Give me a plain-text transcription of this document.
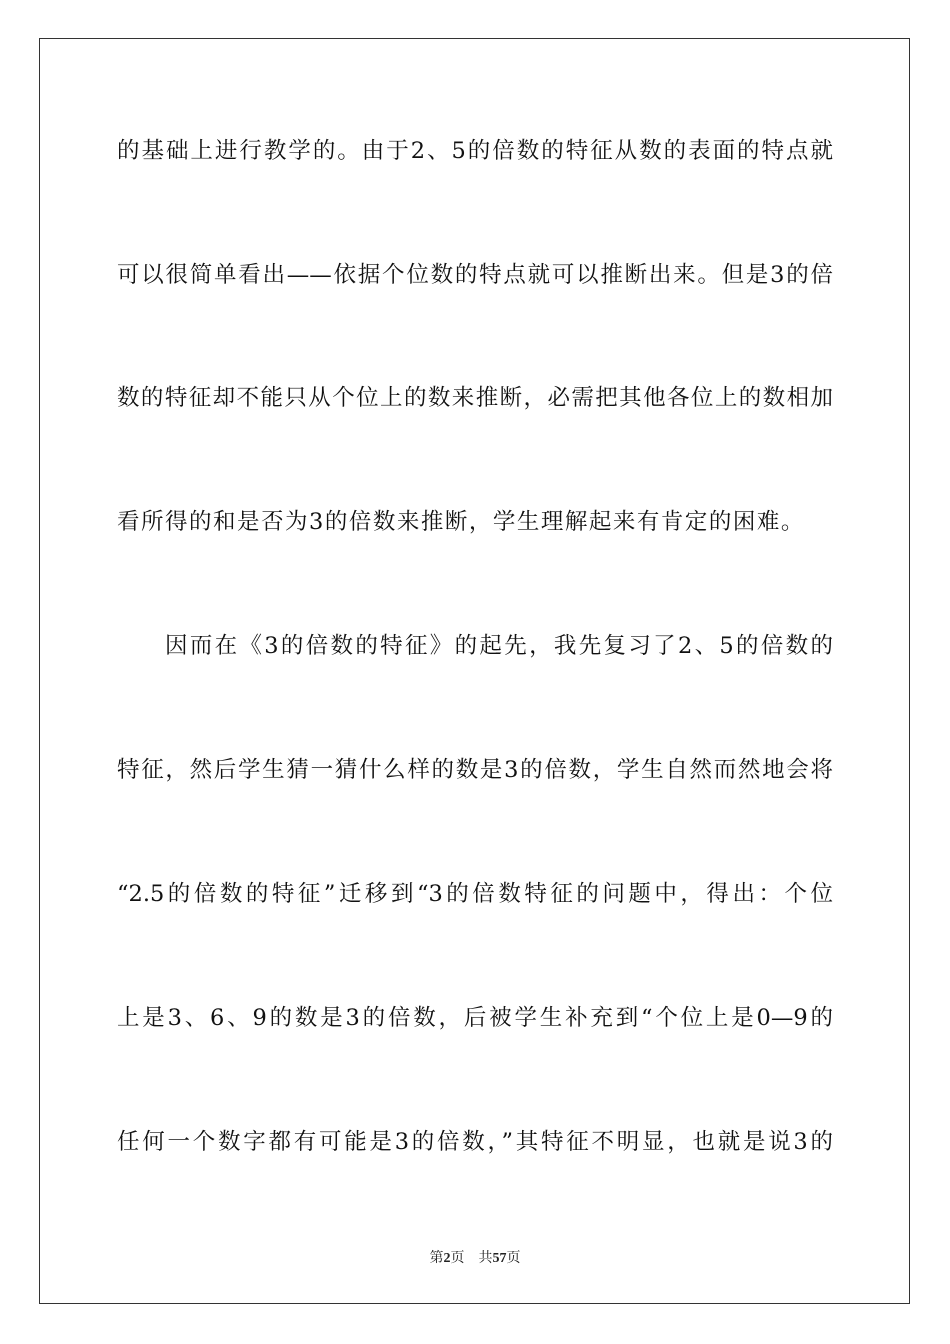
的基础上进行教学的。由于2、5的倍数的特征从数的表面的特点就
可以很简单看出——依据个位数的特点就可以推断出来。但是3的倍
数的特征却不能只从个位上的数来推断，必需把其他各位上的数相加
看所得的和是否为3的倍数来推断，学生理解起来有肯定的困难。
因而在《3的倍数的特征》的起先，我先复习了2、5的倍数的
特征，然后学生猜一猜什么样的数是3的倍数，学生自然而然地会将
“2.5的倍数的特征”迁移到“3的倍数特征的问题中，得出：个位
上是3、6、9的数是3的倍数，后被学生补充到“个位上是0—9的
任何一个数字都有可能是3的倍数，”其特征不明显，也就是说3的
第2页 共57页
